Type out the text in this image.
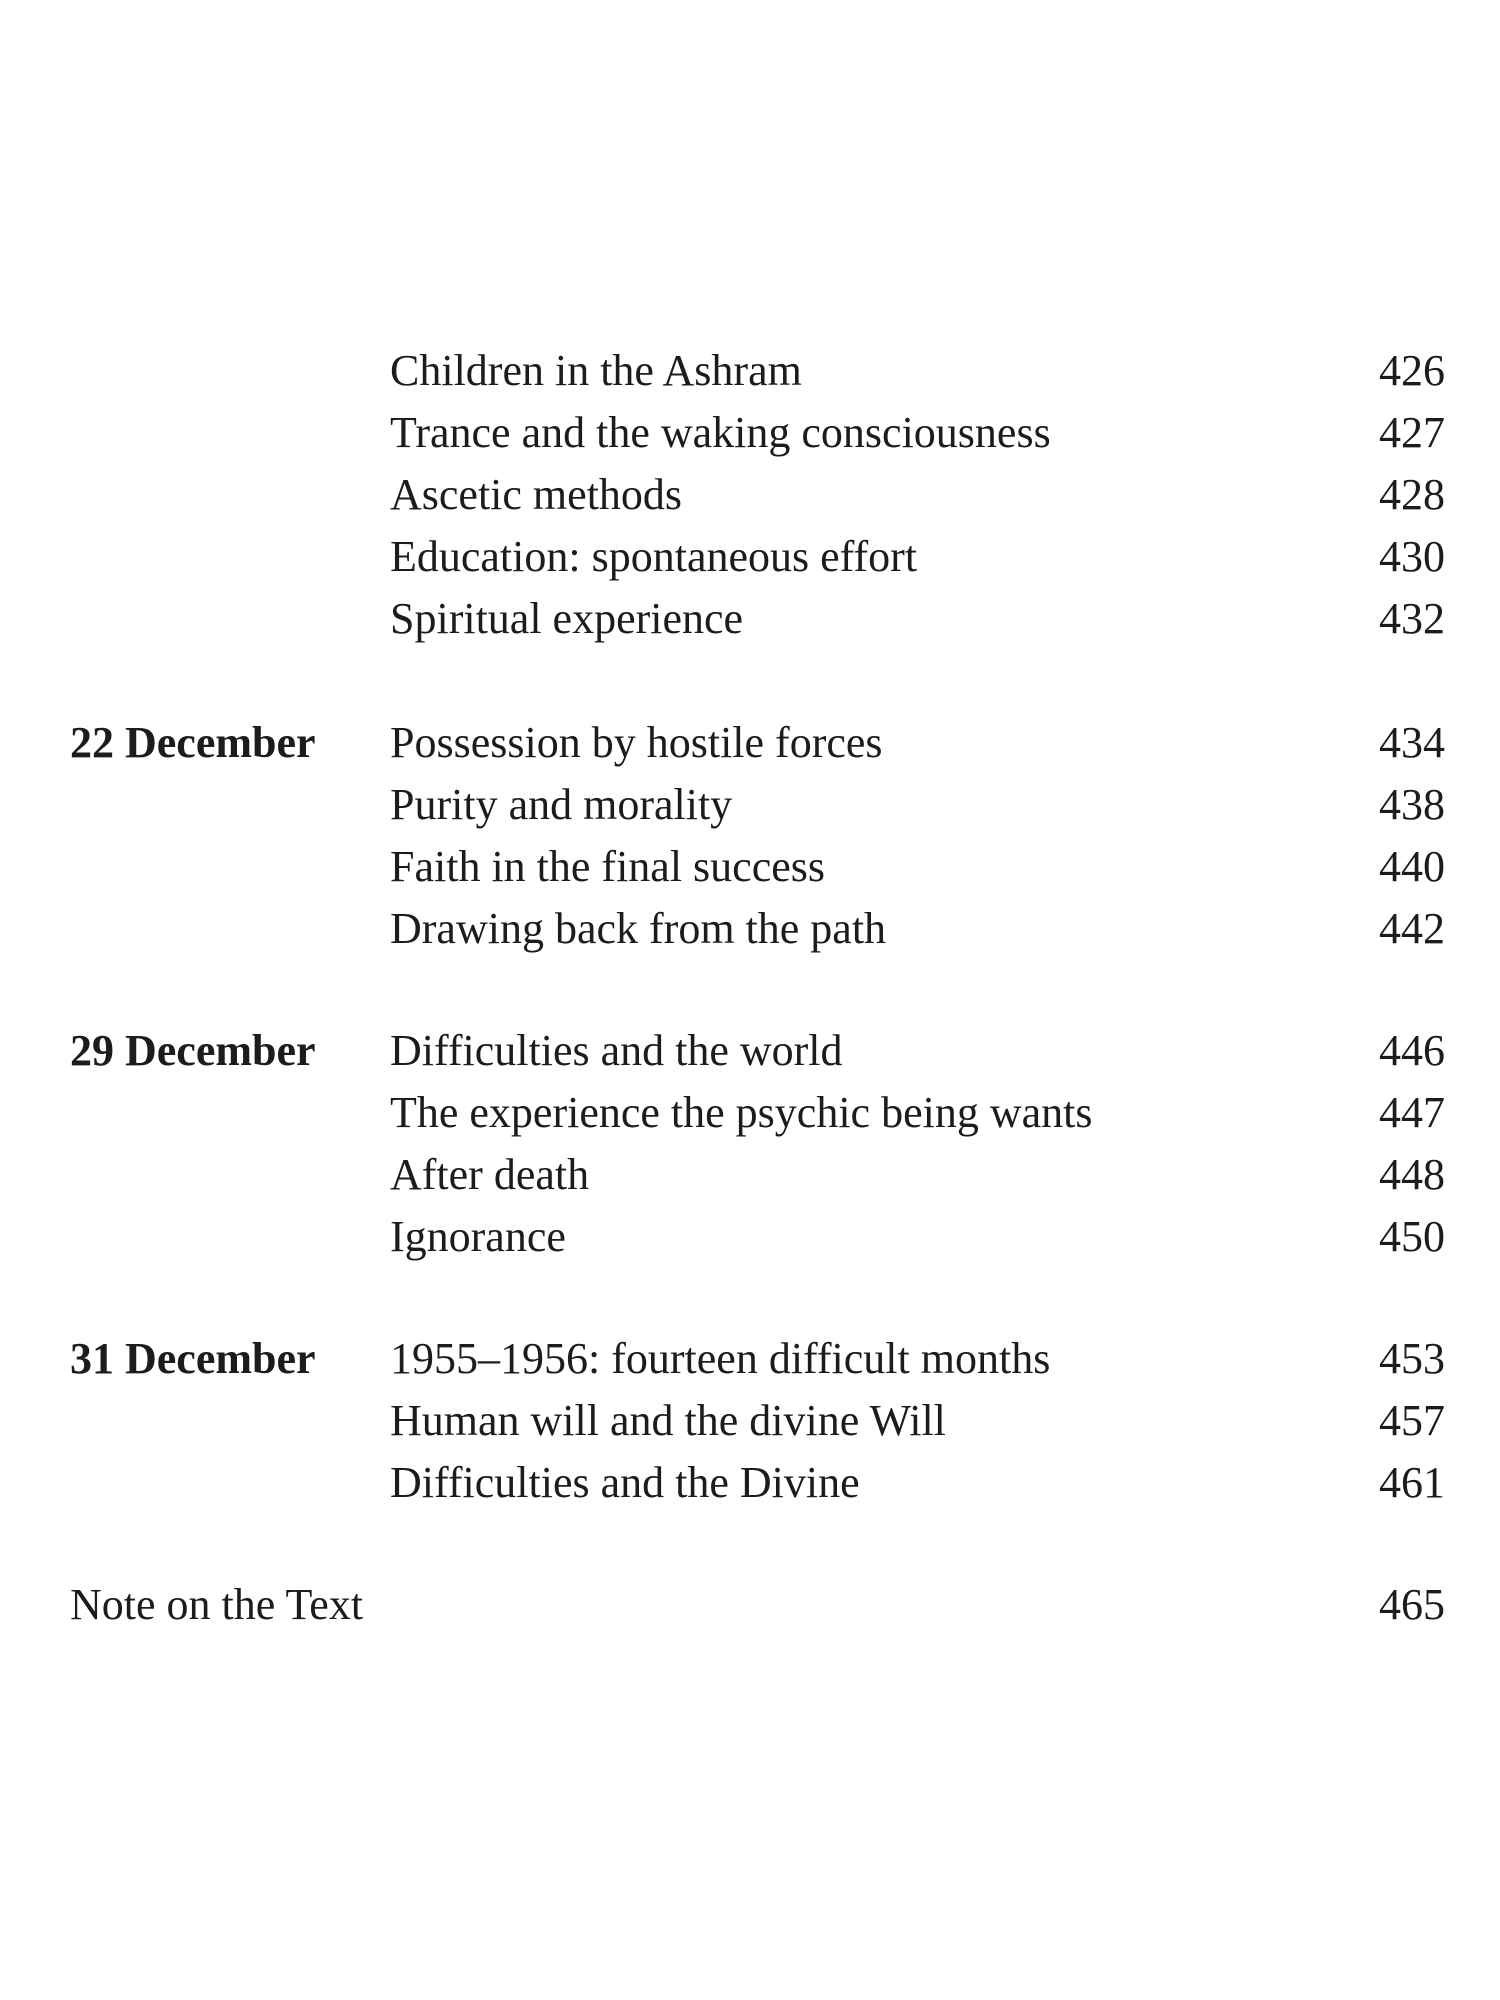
Children in the Ashram	426
Trance and the waking consciousness	427
Ascetic methods	428
Education: spontaneous effort	430
Spiritual experience	432
22 December Possession by hostile forces	434
Purity and morality	438
Faith in the final success	440
Drawing back from the path	442
29 December Difficulties and the world	446
The experience the psychic being wants	447
After death	448
Ignorance	450
31 December 1955–1956: fourteen difficult months	453
Human will and the divine Will	457
Difficulties and the Divine	461
Note on the Text	465
